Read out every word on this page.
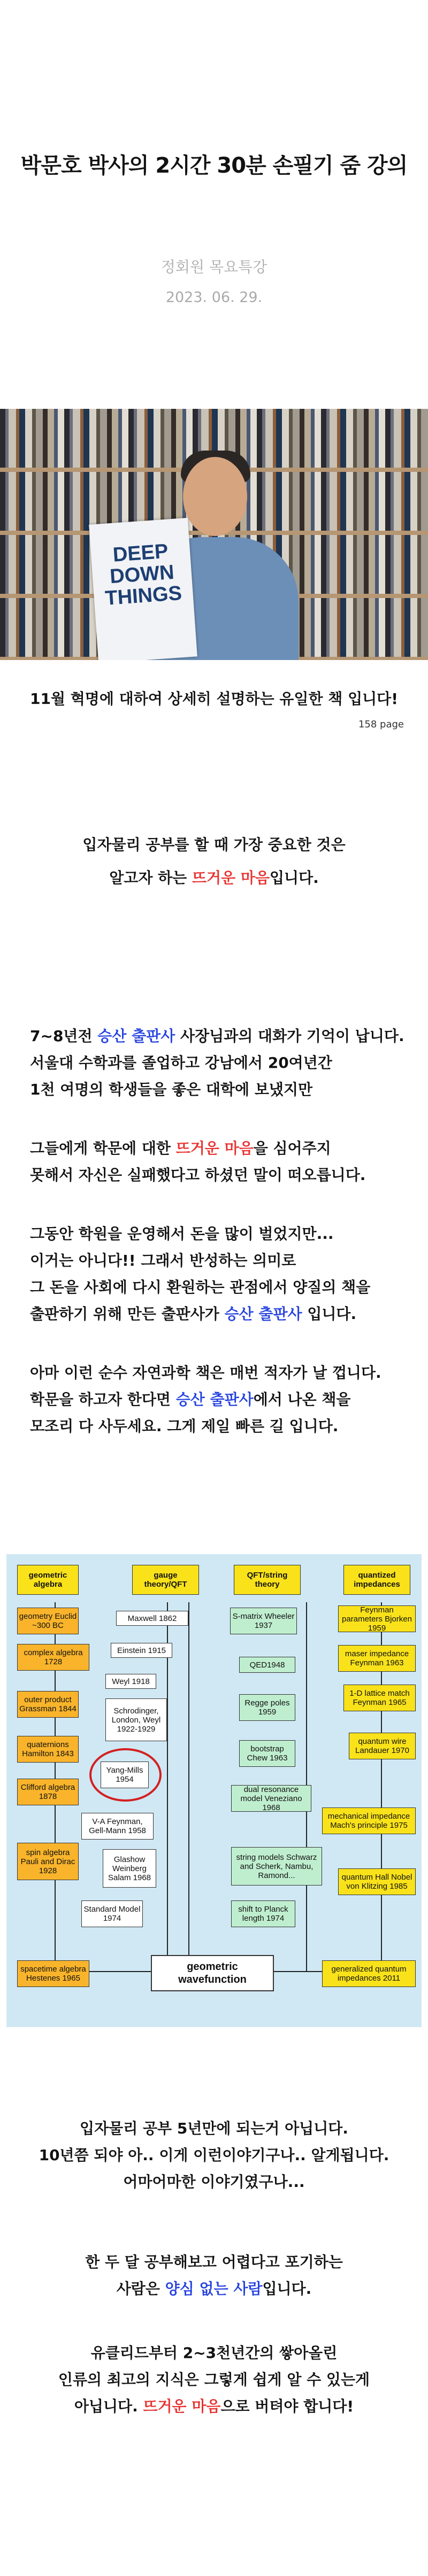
박문호 박사의 2시간 30분 손필기 줌 강의
정회원 목요특강
2023. 06. 29.
DEEP
DOWN
THINGS
11월 혁명에 대하여 상세히 설명하는 유일한 책 입니다!
158 page
입자물리 공부를 할 때 가장 중요한 것은
알고자 하는 뜨거운 마음입니다.
7~8년전 승산 출판사 사장님과의 대화가 기억이 납니다.
서울대 수학과를 졸업하고 강남에서 20여년간
1천 여명의 학생들을 좋은 대학에 보냈지만
그들에게 학문에 대한 뜨거운 마음을 심어주지
못해서 자신은 실패했다고 하셨던 말이 떠오릅니다.
그동안 학원을 운영해서 돈을 많이 벌었지만...
이거는 아니다!! 그래서 반성하는 의미로
그 돈을 사회에 다시 환원하는 관점에서 양질의 책을
출판하기 위해 만든 출판사가 승산 출판사 입니다.
아마 이런 순수 자연과학 책은 매번 적자가 날 껍니다.
학문을 하고자 한다면 승산 출판사에서 나온 책을
모조리 다 사두세요. 그게 제일 빠른 길 입니다.
geometric algebra
gauge theory/QFT
QFT/string theory
quantized impedances
geometry Euclid ~300 BC
complex algebra 1728
outer product Grassman 1844
quaternions Hamilton 1843
Clifford algebra 1878
spin algebra Pauli and Dirac 1928
spacetime algebra Hestenes 1965
Maxwell 1862
Einstein 1915
Weyl 1918
Schrodinger, London, Weyl 1922-1929
Yang-Mills 1954
V-A Feynman, Gell-Mann 1958
Glashow Weinberg Salam 1968
Standard Model 1974
S-matrix Wheeler 1937
QED1948
Regge poles 1959
bootstrap Chew 1963
dual resonance model Veneziano 1968
string models Schwarz and Scherk, Nambu, Ramond...
shift to Planck length 1974
Feynman parameters Bjorken 1959
maser impedance Feynman 1963
1-D lattice match Feynman 1965
quantum wire Landauer 1970
mechanical impedance Mach's principle 1975
quantum Hall Nobel von Klitzing 1985
generalized quantum impedances 2011
geometric wavefunction
입자물리 공부 5년만에 되는거 아닙니다.
10년쯤 되야 아.. 이게 이런이야기구나.. 알게됩니다.
어마어마한 이야기였구나...
한 두 달 공부해보고 어렵다고 포기하는
사람은 양심 없는 사람입니다.
유클리드부터 2~3천년간의 쌓아올린
인류의 최고의 지식은 그렇게 쉽게 알 수 있는게
아닙니다. 뜨거운 마음으로 버텨야 합니다!
